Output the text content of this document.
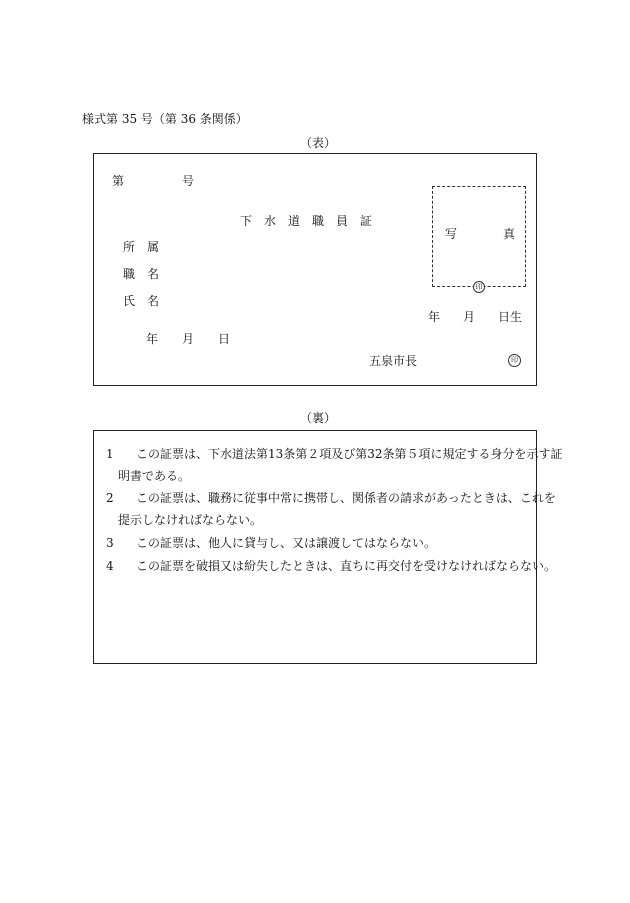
様式第 35 号（第 36 条関係）
（表）
第	号
下　水　道　職　員　証
所　属
職　名
氏　名
写	真
印
年 月 日生
年 月 日
五泉市長	印
（裏）
1 この証票は、下水道法第13条第２項及び第32条第５項に規定する身分を示す証
明書である。
2 この証票は、職務に従事中常に携帯し、関係者の請求があったときは、これを
提示しなければならない。
3 この証票は、他人に貸与し、又は譲渡してはならない。
4 この証票を破損又は紛失したときは、直ちに再交付を受けなければならない。
